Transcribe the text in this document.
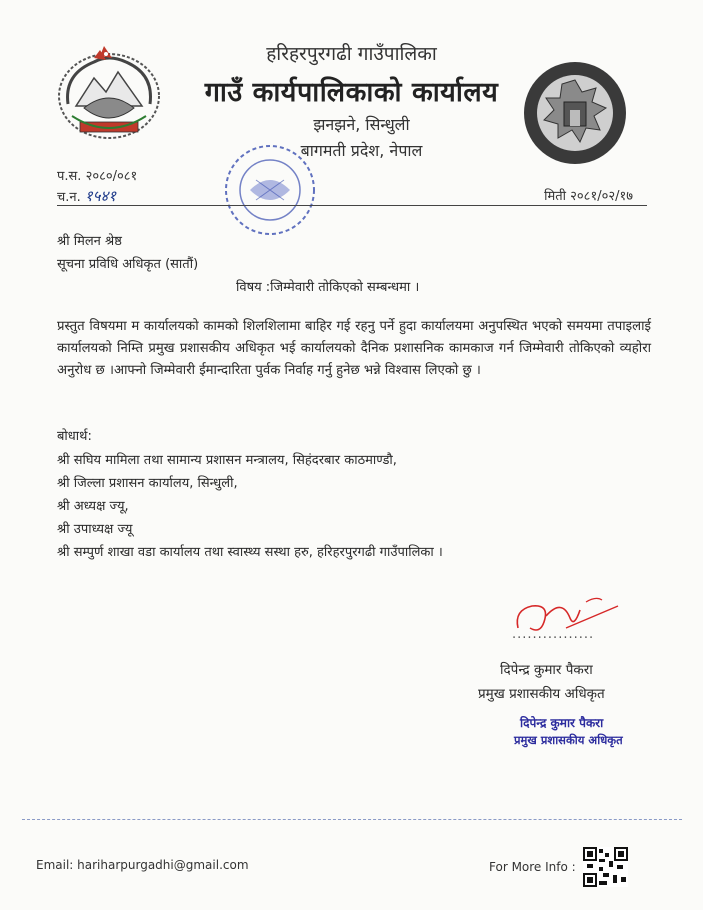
हरिहरपुरगढी गाउँपालिका
गाउँ कार्यपालिकाको कार्यालय
झनझने, सिन्धुली
बागमती प्रदेश, नेपाल
प.स. २०८०/०८१
च.न. १५४१	मिती २०८१/०२/१७
श्री मिलन श्रेष्ठ
सूचना प्रविधि अधिकृत (सातौं)
विषय :जिम्मेवारी तोकिएको सम्बन्धमा ।
प्रस्तुत विषयमा म कार्यालयको कामको शिलशिलामा बाहिर गई रहनु पर्ने हुदा कार्यालयमा अनुपस्थित भएको समयमा तपाइलाई कार्यालयको निम्ति प्रमुख प्रशासकीय अधिकृत भई कार्यालयको दैनिक प्रशासनिक कामकाज गर्न जिम्मेवारी तोकिएको व्यहोरा अनुरोध छ ।आफ्नो जिम्मेवारी ईमान्दारिता पुर्वक निर्वाह गर्नु हुनेछ भन्ने विश्वास लिएको छु ।
बोधार्थ:
श्री सघिय मामिला तथा सामान्य प्रशासन मन्त्रालय, सिहंदरबार काठमाण्डौ,
श्री जिल्ला प्रशासन कार्यालय, सिन्धुली,
श्री अध्यक्ष ज्यू,
श्री उपाध्यक्ष ज्यू
श्री सम्पुर्ण शाखा वडा कार्यालय तथा स्वास्थ्य सस्था हरु, हरिहरपुरगढी गाउँपालिका ।
................
दिपेन्द्र कुमार पैकरा
प्रमुख प्रशासकीय अधिकृत
दिपेन्द्र कुमार पैकरा
प्रमुख प्रशासकीय अधिकृत
Email: hariharpurgadhi@gmail.com	For More Info :
